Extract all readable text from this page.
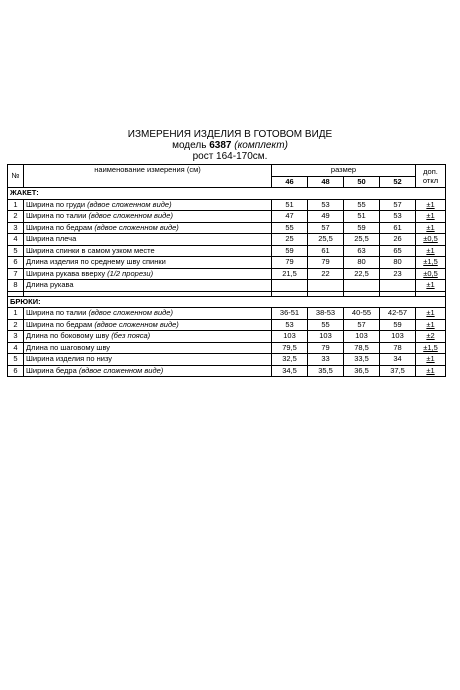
ИЗМЕРЕНИЯ ИЗДЕЛИЯ В ГОТОВОМ ВИДЕ
модель 6387 (комплект)
рост 164-170см.
№	наименование измерения (см)	размер				доп. откл
		46	48	50	52	
ЖАКЕТ:						
1	Ширина по груди (вдвое сложенном виде)	51	53	55	57	±1
2	Ширина по талии (вдвое сложенном виде)	47	49	51	53	±1
3	Ширина по бедрам (вдвое сложенном виде)	55	57	59	61	±1
4	Ширина плеча	25	25,5	25,5	26	±0,5
5	Ширина спинки в самом узком месте	59	61	63	65	±1
6	Длина изделия по среднему шву спинки	79	79	80	80	±1,5
7	Ширина рукава вверху (1/2 прорези)	21,5	22	22,5	23	±0,5
8	Длина рукава					±1

БРЮКИ:						
1	Ширина по талии (вдвое сложенном виде)	36-51	38-53	40-55	42-57	±1
2	Ширина по бедрам (вдвое сложенном виде)	53	55	57	59	±1
3	Длина по боковому шву (без пояса)	103	103	103	103	±2
4	Длина по шаговому шву	79,5	79	78,5	78	±1,5
5	Ширина изделия по низу	32,5	33	33,5	34	±1
6	Ширина бедра (вдвое сложенном виде)	34,5	35,5	36,5	37,5	±1
